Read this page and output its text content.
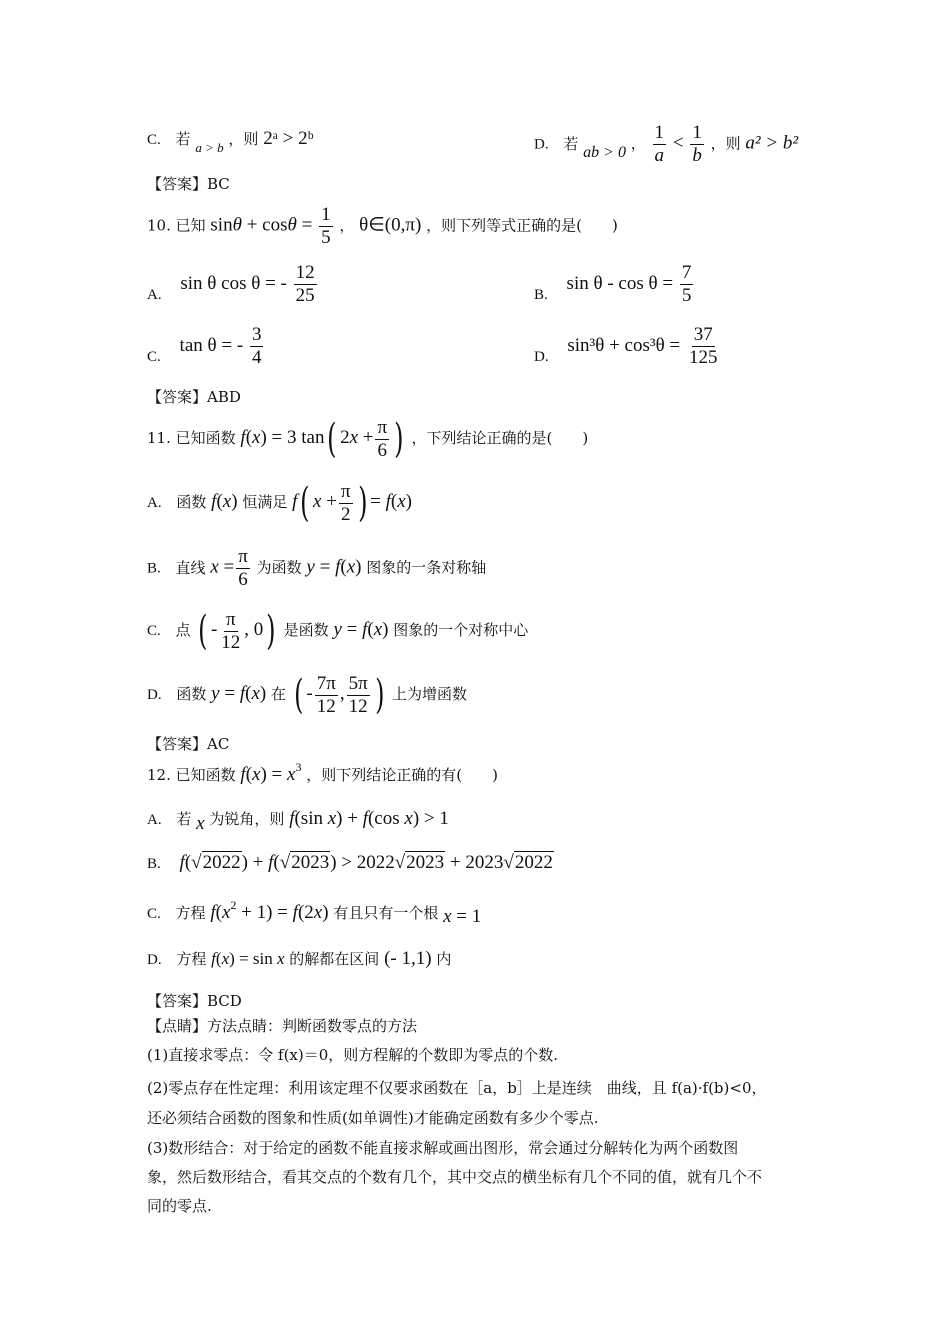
C. 若 a > b ，则 2ᵃ > 2ᵇ	D. 若 ab > 0 ， $\frac{1}{a} < \frac{1}{b}$ ，则 a² > b²
【答案】BC
10. 已知 $\sin\theta + \cos\theta = \frac{1}{5}$ ， θ∈(0,π) ，则下列等式正确的是(　　)
A. sin θ cos θ = - $\frac{12}{25}$	B. $\sin \theta - \cos \theta = \frac{7}{5}$
C. tan θ = - $\frac{3}{4}$	D. $\sin^3\theta + \cos^3\theta = \frac{37}{125}$
【答案】ABD
11. 已知函数 f(x) = 3 tan( $2x + \frac{\pi}{6}$ ) ，下列结论正确的是(　　)
A. 函数 f(x) 恒满足 f( $x + \frac{\pi}{2}$ ) = f(x)
B. 直线 $x = \frac{\pi}{6}$ 为函数 y = f(x) 图象的一条对称轴
C. 点 ( - $\frac{\pi}{12}$ , 0) 是函数 y = f(x) 图象的一个对称中心
D. 函数 y = f(x) 在 ( - $\frac{7\pi}{12}$ , $\frac{5\pi}{12}$ ) 上为增函数
【答案】AC
12. 已知函数 $f(x) = x^3$ ，则下列结论正确的有(　　)
A. 若 x 为锐角，则 f(sin x) + f(cos x) > 1
B. f(√2022) + f(√2023) > 2022√2023 + 2023√2022
C. 方程 $f(x^2 + 1) = f(2x)$ 有且只有一个根 x = 1
D. 方程 f(x) = sin x 的解都在区间 (- 1,1) 内
【答案】BCD
【点睛】方法点睛：判断函数零点的方法
(1)直接求零点：令 f(x)＝0，则方程解的个数即为零点的个数.
(2)零点存在性定理：利用该定理不仅要求函数在［a，b］上是连续　曲线，且 f(a)·f(b)<0，
还必须结合函数的图象和性质(如单调性)才能确定函数有多少个零点.
(3)数形结合：对于给定的函数不能直接求解或画出图形，常会通过分解转化为两个函数图
象，然后数形结合，看其交点的个数有几个，其中交点的横坐标有几个不同的值，就有几个不
同的零点.
